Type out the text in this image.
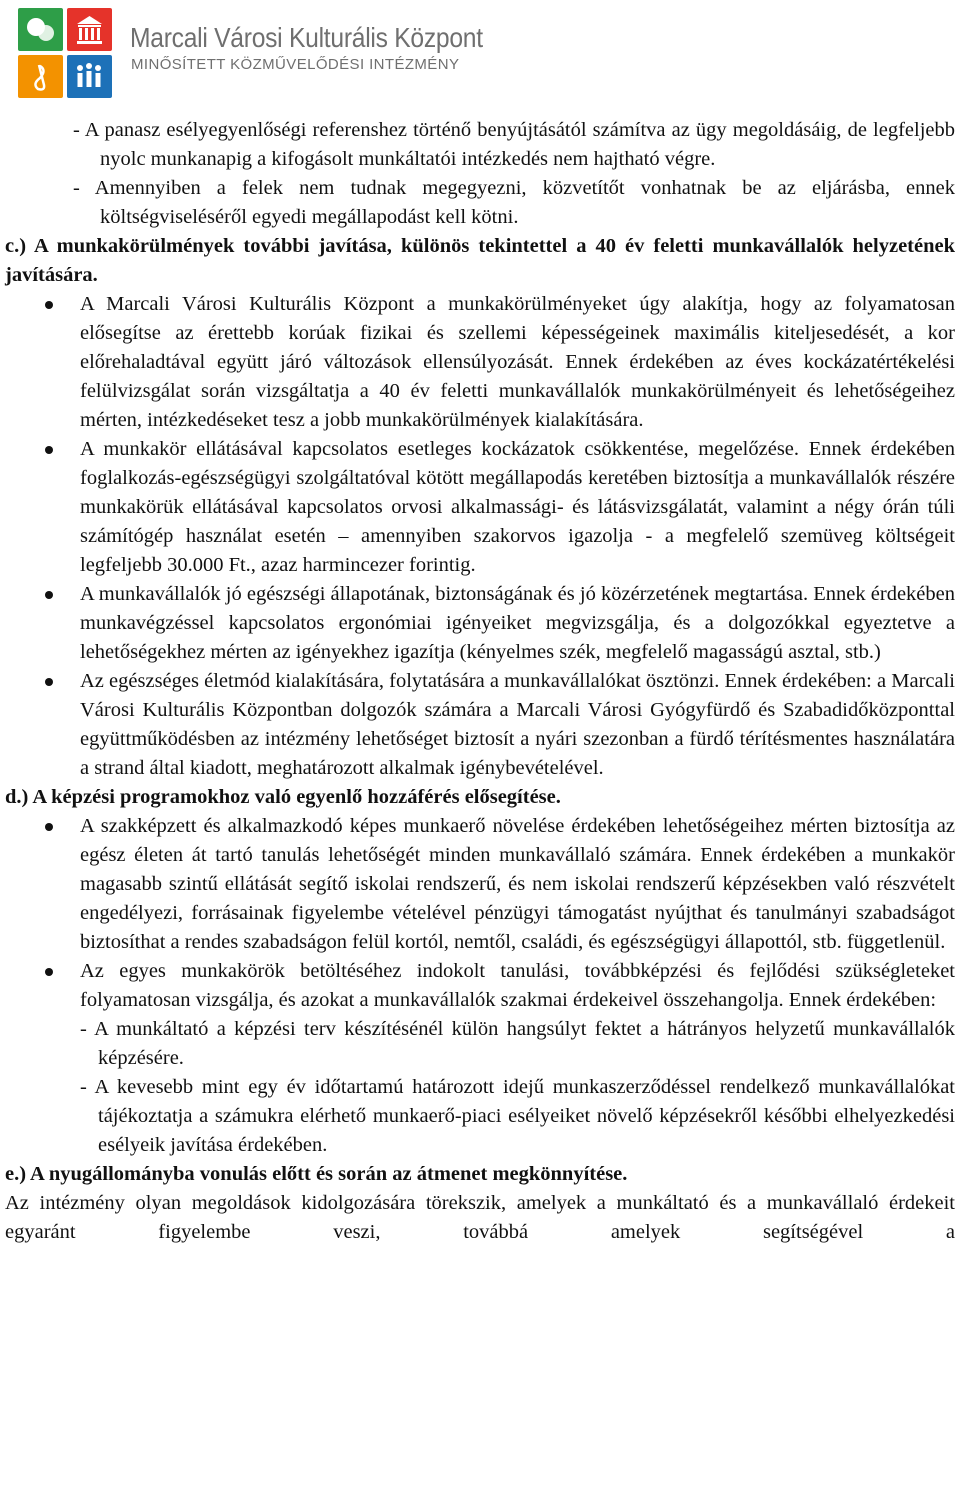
Marcali Városi Kulturális Központ
MINŐSÍTETT KÖZMŰVELŐDÉSI INTÉZMÉNY
- A panasz esélyegyenlőségi referenshez történő benyújtásától számítva az ügy megoldásáig, de legfeljebb nyolc munkanapig a kifogásolt munkáltatói intézkedés nem hajtható végre.
- Amennyiben a felek nem tudnak megegyezni, közvetítőt vonhatnak be az eljárásba, ennek költségviseléséről egyedi megállapodást kell kötni.
c.) A munkakörülmények további javítása, különös tekintettel a 40 év feletti munkavállalók helyzetének javítására.
A Marcali Városi Kulturális Központ a munkakörülményeket úgy alakítja, hogy az folyamatosan elősegítse az érettebb korúak fizikai és szellemi képességeinek maximális kiteljesedését, a kor előrehaladtával együtt járó változások ellensúlyozását. Ennek érdekében az éves kockázatértékelési felülvizsgálat során vizsgáltatja a 40 év feletti munkavállalók munkakörülményeit és lehetőségeihez mérten, intézkedéseket tesz a jobb munkakörülmények kialakítására.
A munkakör ellátásával kapcsolatos esetleges kockázatok csökkentése, megelőzése. Ennek érdekében foglalkozás-egészségügyi szolgáltatóval kötött megállapodás keretében biztosítja a munkavállalók részére munkakörük ellátásával kapcsolatos orvosi alkalmassági- és látásvizsgálatát, valamint a négy órán túli számítógép használat esetén – amennyiben szakorvos igazolja - a megfelelő szemüveg költségeit legfeljebb 30.000 Ft., azaz harmincezer forintig.
A munkavállalók jó egészségi állapotának, biztonságának és jó közérzetének megtartása. Ennek érdekében munkavégzéssel kapcsolatos ergonómiai igényeiket megvizsgálja, és a dolgozókkal egyeztetve a lehetőségekhez mérten az igényekhez igazítja (kényelmes szék, megfelelő magasságú asztal, stb.)
Az egészséges életmód kialakítására, folytatására a munkavállalókat ösztönzi. Ennek érdekében: a Marcali Városi Kulturális Központban dolgozók számára a Marcali Városi Gyógyfürdő és Szabadidőközponttal együttműködésben az intézmény lehetőséget biztosít a nyári szezonban a fürdő térítésmentes használatára a strand által kiadott, meghatározott alkalmak igénybevételével.
d.) A képzési programokhoz való egyenlő hozzáférés elősegítése.
A szakképzett és alkalmazkodó képes munkaerő növelése érdekében lehetőségeihez mérten biztosítja az egész életen át tartó tanulás lehetőségét minden munkavállaló számára. Ennek érdekében a munkakör magasabb szintű ellátását segítő iskolai rendszerű, és nem iskolai rendszerű képzésekben való részvételt engedélyezi, forrásainak figyelembe vételével pénzügyi támogatást nyújthat és tanulmányi szabadságot biztosíthat a rendes szabadságon felül kortól, nemtől, családi, és egészségügyi állapottól, stb. függetlenül.
Az egyes munkakörök betöltéséhez indokolt tanulási, továbbképzési és fejlődési szükségleteket folyamatosan vizsgálja, és azokat a munkavállalók szakmai érdekeivel összehangolja. Ennek érdekében:
- A munkáltató a képzési terv készítésénél külön hangsúlyt fektet a hátrányos helyzetű munkavállalók képzésére.
- A kevesebb mint egy év időtartamú határozott idejű munkaszerződéssel rendelkező munkavállalókat tájékoztatja a számukra elérhető munkaerő-piaci esélyeiket növelő képzésekről későbbi elhelyezkedési esélyeik javítása érdekében.
e.) A nyugállományba vonulás előtt és során az átmenet megkönnyítése.
Az intézmény olyan megoldások kidolgozására törekszik, amelyek a munkáltató és a munkavállaló érdekeit egyaránt figyelembe veszi, továbbá amelyek segítségével a
